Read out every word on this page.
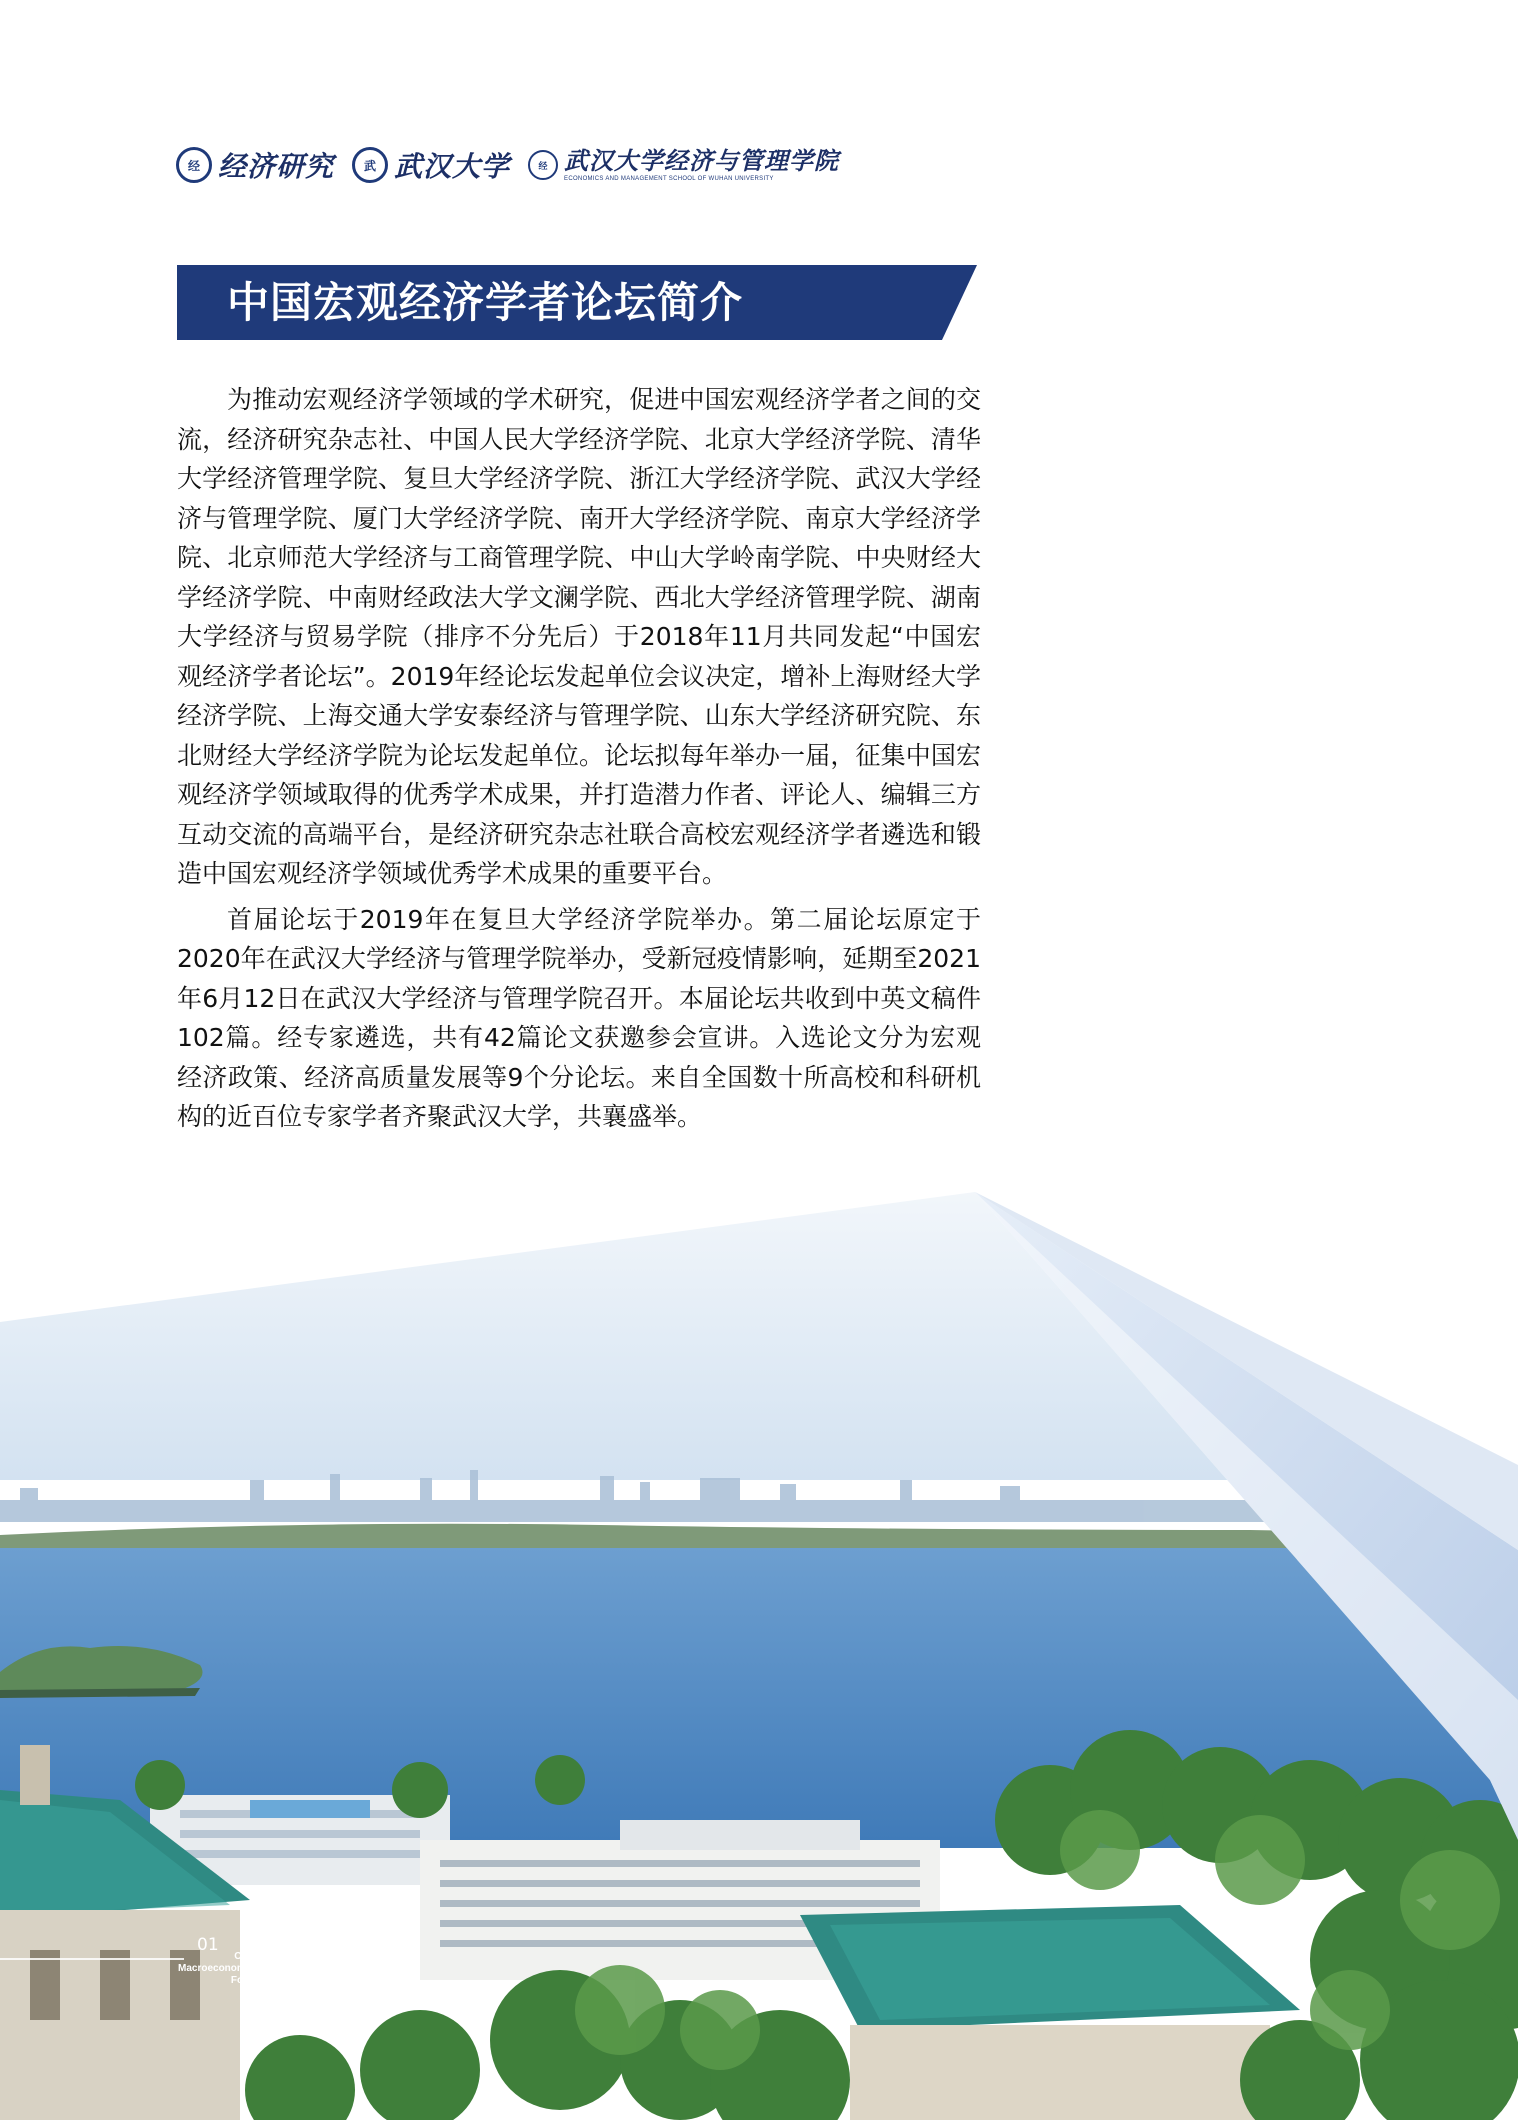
经 经济研究	武 武汉大学	经 武汉大学经济与管理学院
ECONOMICS AND MANAGEMENT SCHOOL OF WUHAN UNIVERSITY
中国宏观经济学者论坛简介

为推动宏观经济学领域的学术研究，促进中国宏观经济学者之间的交流，经济研究杂志社、中国人民大学经济学院、北京大学经济学院、清华大学经济管理学院、复旦大学经济学院、浙江大学经济学院、武汉大学经济与管理学院、厦门大学经济学院、南开大学经济学院、南京大学经济学院、北京师范大学经济与工商管理学院、中山大学岭南学院、中央财经大学经济学院、中南财经政法大学文澜学院、西北大学经济管理学院、湖南大学经济与贸易学院（排序不分先后）于2018年11月共同发起“中国宏观经济学者论坛”。2019年经论坛发起单位会议决定，增补上海财经大学经济学院、上海交通大学安泰经济与管理学院、山东大学经济研究院、东北财经大学经济学院为论坛发起单位。论坛拟每年举办一届，征集中国宏观经济学领域取得的优秀学术成果，并打造潜力作者、评论人、编辑三方互动交流的高端平台，是经济研究杂志社联合高校宏观经济学者遴选和锻造中国宏观经济学领域优秀学术成果的重要平台。

首届论坛于2019年在复旦大学经济学院举办。第二届论坛原定于2020年在武汉大学经济与管理学院举办，受新冠疫情影响，延期至2021年6月12日在武汉大学经济与管理学院召开。本届论坛共收到中英文稿件102篇。经专家遴选，共有42篇论文获邀参会宣讲。入选论文分为宏观经济政策、经济高质量发展等9个分论坛。来自全国数十所高校和科研机构的近百位专家学者齐聚武汉大学，共襄盛举。

01
China
Macroeconomists
Forum
